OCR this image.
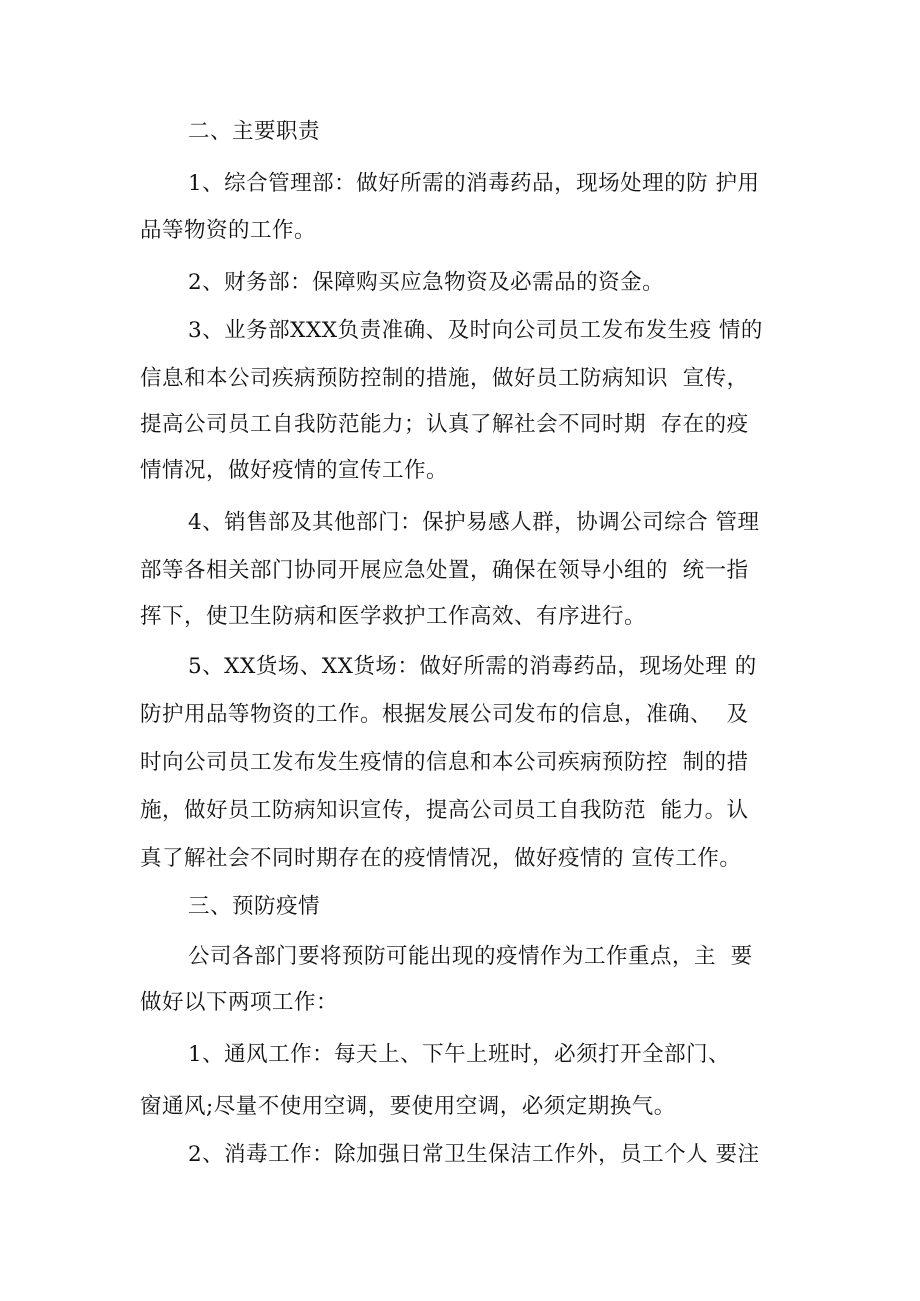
二、主要职责
1、综合管理部：做好所需的消毒药品，现场处理的防 护用
品等物资的工作。
2、财务部：保障购买应急物资及必需品的资金。
3、业务部XXX负责准确、及时向公司员工发布发生疫 情的
信息和本公司疾病预防控制的措施，做好员工防病知识  宣传，
提高公司员工自我防范能力；认真了解社会不同时期  存在的疫
情情况，做好疫情的宣传工作。
4、销售部及其他部门：保护易感人群，协调公司综合 管理
部等各相关部门协同开展应急处置，确保在领导小组的  统一指
挥下，使卫生防病和医学救护工作高效、有序进行。
5、XX货场、XX货场：做好所需的消毒药品，现场处理 的
防护用品等物资的工作。根据发展公司发布的信息，准确、  及
时向公司员工发布发生疫情的信息和本公司疾病预防控  制的措
施，做好员工防病知识宣传，提高公司员工自我防范  能力。认
真了解社会不同时期存在的疫情情况，做好疫情的 宣传工作。
三、预防疫情
公司各部门要将预防可能出现的疫情作为工作重点，主  要
做好以下两项工作：
1、通风工作：每天上、下午上班时，必须打开全部门、
窗通风;尽量不使用空调，要使用空调，必须定期换气。
2、消毒工作：除加强日常卫生保洁工作外，员工个人 要注
